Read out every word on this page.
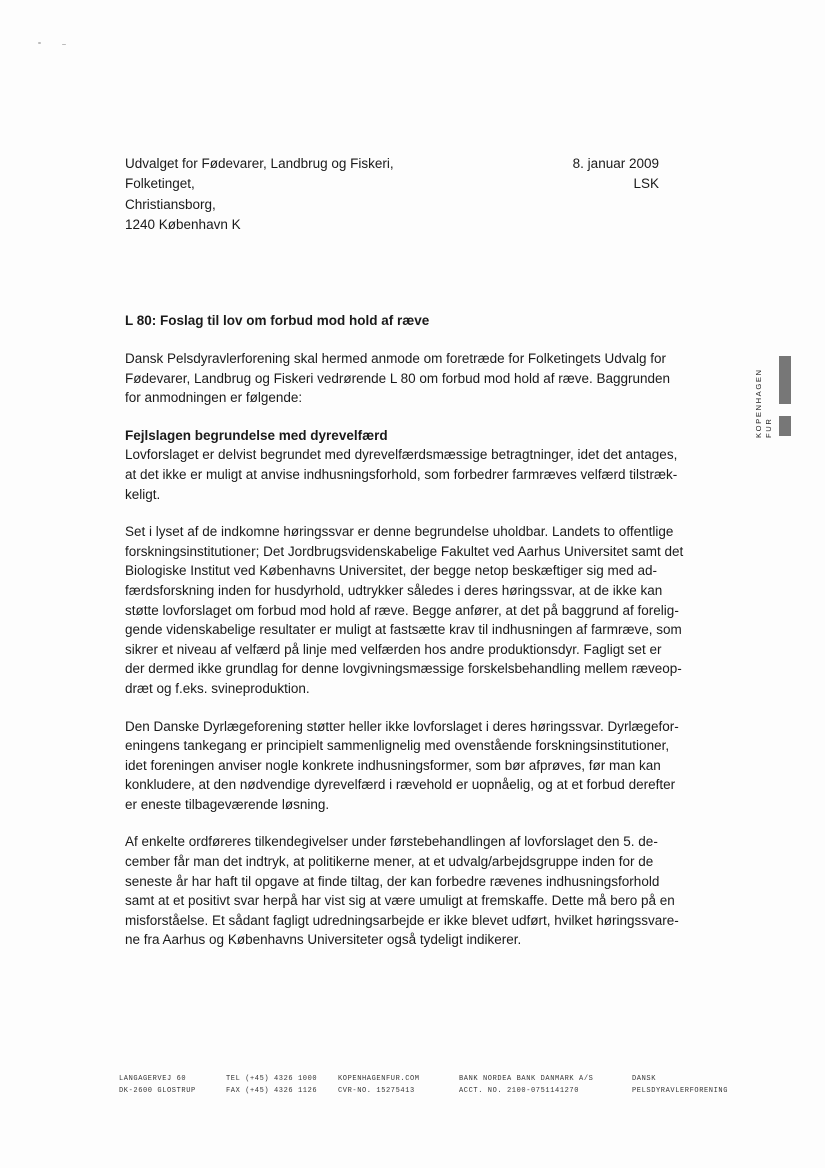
Udvalget for Fødevarer, Landbrug og Fiskeri,
Folketinget,
Christiansborg,
1240 København K
8. januar 2009
LSK
L 80: Foslag til lov om forbud mod hold af ræve
Dansk Pelsdyravlerforening skal hermed anmode om foretræde for Folketingets Udvalg for
Fødevarer, Landbrug og Fiskeri vedrørende L 80 om forbud mod hold af ræve. Baggrunden
for anmodningen er følgende:
Fejlslagen begrundelse med dyrevelfærd
Lovforslaget er delvist begrundet med dyrevelfærdsmæssige betragtninger, idet det antages,
at det ikke er muligt at anvise indhusningsforhold, som forbedrer farmræves velfærd tilstræk-
keligt.
Set i lyset af de indkomne høringssvar er denne begrundelse uholdbar. Landets to offentlige
forskningsinstitutioner; Det Jordbrugsvidenskabelige Fakultet ved Aarhus Universitet samt det
Biologiske Institut ved Københavns Universitet, der begge netop beskæftiger sig med ad-
færdsforskning inden for husdyrhold, udtrykker således i deres høringssvar, at de ikke kan
støtte lovforslaget om forbud mod hold af ræve. Begge anfører, at det på baggrund af forelig-
gende videnskabelige resultater er muligt at fastsætte krav til indhusningen af farmræve, som
sikrer et niveau af velfærd på linje med velfærden hos andre produktionsdyr. Fagligt set er
der dermed ikke grundlag for denne lovgivningsmæssige forskelsbehandling mellem ræveop-
dræt og f.eks. svineproduktion.
Den Danske Dyrlægeforening støtter heller ikke lovforslaget i deres høringssvar. Dyrlægefor-
eningens tankegang er principielt sammenlignelig med ovenstående forskningsinstitutioner,
idet foreningen anviser nogle konkrete indhusningsformer, som bør afprøves, før man kan
konkludere, at den nødvendige dyrevelfærd i rævehold er uopnåelig, og at et forbud derefter
er eneste tilbageværende løsning.
Af enkelte ordføreres tilkendegivelser under førstebehandlingen af lovforslaget den 5. de-
cember får man det indtryk, at politikerne mener, at et udvalg/arbejdsgruppe inden for de
seneste år har haft til opgave at finde tiltag, der kan forbedre rævenes indhusningsforhold
samt at et positivt svar herpå har vist sig at være umuligt at fremskaffe. Dette må bero på en
misforståelse. Et sådant fagligt udredningsarbejde er ikke blevet udført, hvilket høringssvare-
ne fra Aarhus og Københavns Universiteter også tydeligt indikerer.
KOPENHAGEN FUR
LANGAGERVEJ 60
DK-2600 GLOSTRUP
TEL (+45) 4326 1000
FAX (+45) 4326 1126
KOPENHAGENFUR.COM
CVR-NO. 15275413
BANK NORDEA BANK DANMARK A/S
ACCT. NO. 2100-0751141270
DANSK
PELSDYRAVLERFORENING
